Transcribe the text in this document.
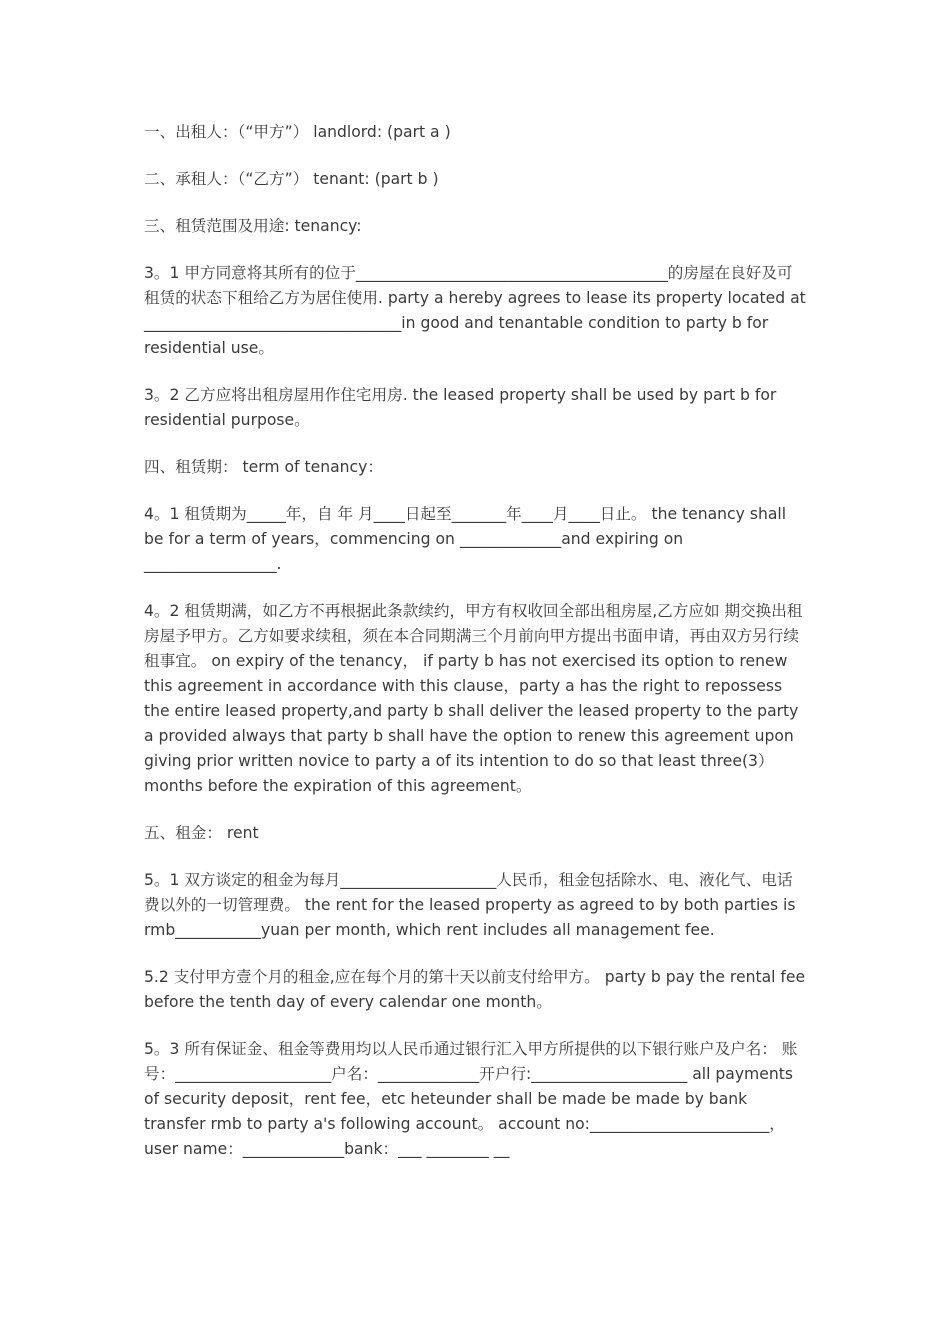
一、出租人：（“甲方”） landlord: (part a )

二、承租人：（“乙方”） tenant: (part b )

三、租赁范围及用途: tenancy:

3。1 甲方同意将其所有的位于________________________________________的房屋在良好及可租赁的状态下租给乙方为居住使用. party a hereby agrees to lease its property located at _________________________________in good and tenantable condition to party b for residential use。

3。2 乙方应将出租房屋用作住宅用房. the leased property shall be used by part b for residential purpose。

四、租赁期： term of tenancy：

4。1 租赁期为_____年，自 年 月____日起至_______年____月____日止。 the tenancy shall be for a term of years，commencing on _____________and expiring on _________________.

4。2 租赁期满，如乙方不再根据此条款续约，甲方有权收回全部出租房屋,乙方应如 期交换出租房屋予甲方。乙方如要求续租，须在本合同期满三个月前向甲方提出书面申请，再由双方另行续租事宜。 on expiry of the tenancy， if party b has not exercised its option to renew this agreement in accordance with this clause，party a has the right to repossess the entire leased property,and party b shall deliver the leased property to the party a provided always that party b shall have the option to renew this agreement upon giving prior written novice to party a of its intention to do so that least three(3） months before the expiration of this agreement。

五、租金： rent

5。1 双方谈定的租金为每月____________________人民币，租金包括除水、电、液化气、电话费以外的一切管理费。 the rent for the leased property as agreed to by both parties is rmb___________yuan per month, which rent includes all management fee.

5.2 支付甲方壹个月的租金,应在每个月的第十天以前支付给甲方。 party b pay the rental fee before the tenth day of every calendar one month。

5。3 所有保证金、租金等费用均以人民币通过银行汇入甲方所提供的以下银行账户及户名： 账号：____________________户名：_____________开户行:____________________ all payments of security deposit，rent fee，etc heteunder shall be made be made by bank transfer rmb to party a's following account。 account no:_______________________，user name：_____________bank：___ ________ __
